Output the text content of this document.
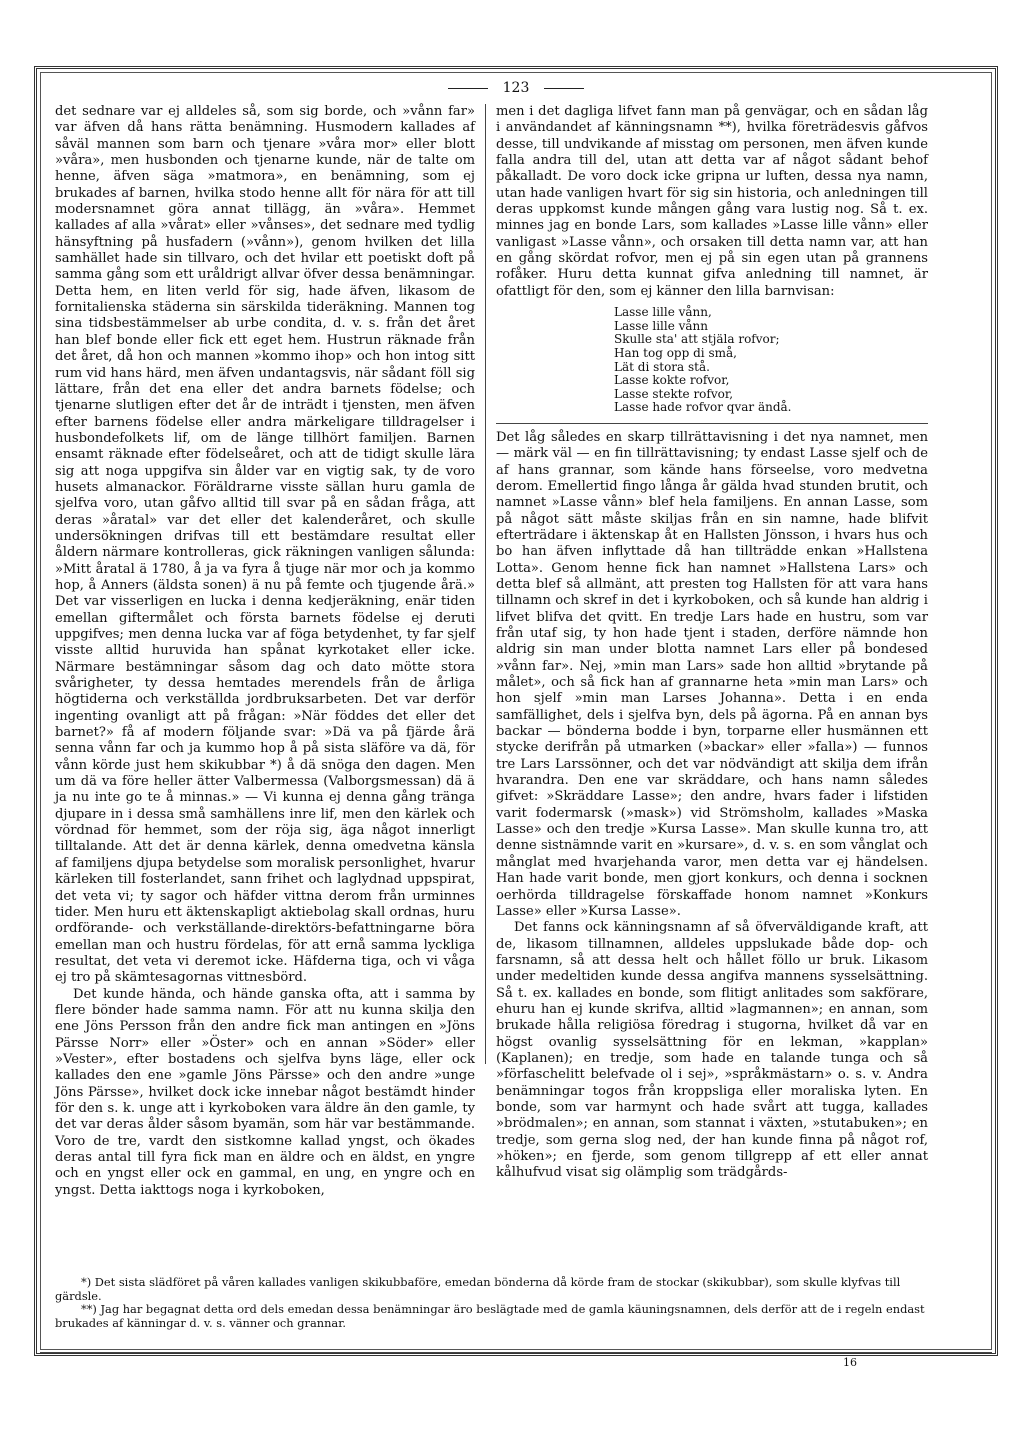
123

det sednare var ej alldeles så, som sig borde, och »vånn far» var äfven då hans rätta benämning. Husmodern kallades af såväl mannen som barn och tjenare »våra mor» eller blott »våra», men husbonden och tjenarne kunde, när de talte om henne, äfven säga »matmora», en benämning, som ej brukades af barnen, hvilka stodo henne allt för nära för att till modersnamnet göra annat tillägg, än »våra». Hemmet kallades af alla »vårat» eller »vånses», det sednare med tydlig hänsyftning på husfadern (»vånn»), genom hvilken det lilla samhället hade sin tillvaro, och det hvilar ett poetiskt doft på samma gång som ett uråldrigt allvar öfver dessa benämningar. Detta hem, en liten verld för sig, hade äfven, likasom de fornitalienska städerna sin särskilda tideräkning. Mannen tog sina tidsbestämmelser ab urbe condita, d. v. s. från det året han blef bonde eller fick ett eget hem. Hustrun räknade från det året, då hon och mannen »kommo ihop» och hon intog sitt rum vid hans härd, men äfven undantagsvis, när sådant föll sig lättare, från det ena eller det andra barnets födelse; och tjenarne slutligen efter det år de inträdt i tjensten, men äfven efter barnens födelse eller andra märkeligare tilldragelser i husbondefolkets lif, om de länge tillhört familjen. Barnen ensamt räknade efter födelseåret, och att de tidigt skulle lära sig att noga uppgifva sin ålder var en vigtig sak, ty de voro husets almanackor. Föräldrarne visste sällan huru gamla de sjelfva voro, utan gåfvo alltid till svar på en sådan fråga, att deras »åratal» var det eller det kalenderåret, och skulle undersökningen drifvas till ett bestämdare resultat eller åldern närmare kontrolleras, gick räkningen vanligen sålunda: »Mitt åratal ä 1780, å ja va fyra å tjuge när mor och ja kommo hop, å Anners (äldsta sonen) ä nu på femte och tjugende årä.» Det var visserligen en lucka i denna kedjeräkning, enär tiden emellan giftermålet och första barnets födelse ej deruti uppgifves; men denna lucka var af föga betydenhet, ty far sjelf visste alltid huruvida han spånat kyrkotaket eller icke. Närmare bestämningar såsom dag och dato mötte stora svårigheter, ty dessa hemtades merendels från de årliga högtiderna och verkställda jordbruksarbeten. Det var derför ingenting ovanligt att på frågan: »När föddes det eller det barnet?» få af modern följande svar: »Dä va på fjärde årä senna vånn far och ja kummo hop å på sista släföre va dä, för vånn körde just hem skikubbar *) å dä snöga den dagen. Men um dä va före heller ätter Valbermessa (Valborgsmessan) dä ä ja nu inte go te å minnas.» — Vi kunna ej denna gång tränga djupare in i dessa små samhällens inre lif, men den kärlek och vördnad för hemmet, som der röja sig, äga något innerligt tilltalande. Att det är denna kärlek, denna omedvetna känsla af familjens djupa betydelse som moralisk personlighet, hvarur kärleken till fosterlandet, sann frihet och laglydnad uppspirat, det veta vi; ty sagor och häfder vittna derom från urminnes tider. Men huru ett äktenskapligt aktiebolag skall ordnas, huru ordförande- och verkställande-direktörs-befattningarne böra emellan man och hustru fördelas, för att ernå samma lyckliga resultat, det veta vi deremot icke. Häfderna tiga, och vi våga ej tro på skämtesagornas vittnesbörd.

Det kunde hända, och hände ganska ofta, att i samma by flere bönder hade samma namn. För att nu kunna skilja den ene Jöns Persson från den andre fick man antingen en »Jöns Pärsse Norr» eller »Öster» och en annan »Söder» eller »Vester», efter bostadens och sjelfva byns läge, eller ock kallades den ene »gamle Jöns Pärsse» och den andre »unge Jöns Pärsse», hvilket dock icke innebar något bestämdt hinder för den s. k. unge att i kyrkoboken vara äldre än den gamle, ty det var deras ålder såsom byamän, som här var bestämmande. Voro de tre, vardt den sistkomne kallad yngst, och ökades deras antal till fyra fick man en äldre och en äldst, en yngre och en yngst eller ock en gammal, en ung, en yngre och en yngst. Detta iakttogs noga i kyrkoboken,

men i det dagliga lifvet fann man på genvägar, och en sådan låg i användandet af känningsnamn **), hvilka företrädesvis gåfvos desse, till undvikande af misstag om personen, men äfven kunde falla andra till del, utan att detta var af något sådant behof påkalladt. De voro dock icke gripna ur luften, dessa nya namn, utan hade vanligen hvart för sig sin historia, och anledningen till deras uppkomst kunde mången gång vara lustig nog. Så t. ex. minnes jag en bonde Lars, som kallades »Lasse lille vånn» eller vanligast »Lasse vånn», och orsaken till detta namn var, att han en gång skördat rofvor, men ej på sin egen utan på grannens rofåker. Huru detta kunnat gifva anledning till namnet, är ofattligt för den, som ej känner den lilla barnvisan:

Lasse lille vånn,
Lasse lille vånn
Skulle sta' att stjäla rofvor;
Han tog opp di små,
Lät di stora stå.
Lasse kokte rofvor,
Lasse stekte rofvor,
Lasse hade rofvor qvar ändå.

Det låg således en skarp tillrättavisning i det nya namnet, men — märk väl — en fin tillrättavisning; ty endast Lasse sjelf och de af hans grannar, som kände hans förseelse, voro medvetna derom. Emellertid fingo långa år gälda hvad stunden brutit, och namnet »Lasse vånn» blef hela familjens. En annan Lasse, som på något sätt måste skiljas från en sin namne, hade blifvit efterträdare i äktenskap åt en Hallsten Jönsson, i hvars hus och bo han äfven inflyttade då han tillträdde enkan »Hallstena Lotta». Genom henne fick han namnet »Hallstena Lars» och detta blef så allmänt, att presten tog Hallsten för att vara hans tillnamn och skref in det i kyrkoboken, och så kunde han aldrig i lifvet blifva det qvitt. En tredje Lars hade en hustru, som var från utaf sig, ty hon hade tjent i staden, derföre nämnde hon aldrig sin man under blotta namnet Lars eller på bondesed »vånn far». Nej, »min man Lars» sade hon alltid »brytande på målet», och så fick han af grannarne heta »min man Lars» och hon sjelf »min man Larses Johanna». Detta i en enda samfällighet, dels i sjelfva byn, dels på ägorna. På en annan bys backar — bönderna bodde i byn, torparne eller husmännen ett stycke derifrån på utmarken (»backar» eller »falla») — funnos tre Lars Larssönner, och det var nödvändigt att skilja dem ifrån hvarandra. Den ene var skräddare, och hans namn således gifvet: »Skräddare Lasse»; den andre, hvars fader i lifstiden varit fodermarsk (»mask») vid Strömsholm, kallades »Maska Lasse» och den tredje »Kursa Lasse». Man skulle kunna tro, att denne sistnämnde varit en »kursare», d. v. s. en som vånglat och månglat med hvarjehanda varor, men detta var ej händelsen. Han hade varit bonde, men gjort konkurs, och denna i socknen oerhörda tilldragelse förskaffade honom namnet »Konkurs Lasse» eller »Kursa Lasse».

Det fanns ock känningsnamn af så öfverväldigande kraft, att de, likasom tillnamnen, alldeles uppslukade både dop- och farsnamn, så att dessa helt och hållet föllo ur bruk. Likasom under medeltiden kunde dessa angifva mannens sysselsättning. Så t. ex. kallades en bonde, som flitigt anlitades som sakförare, ehuru han ej kunde skrifva, alltid »lagmannen»; en annan, som brukade hålla religiösa föredrag i stugorna, hvilket då var en högst ovanlig sysselsättning för en lekman, »kapplan» (Kaplanen); en tredje, som hade en talande tunga och så »förfaschelitt belefvade ol i sej», »språkmästarn» o. s. v. Andra benämningar togos från kroppsliga eller moraliska lyten. En bonde, som var harmynt och hade svårt att tugga, kallades »brödmalen»; en annan, som stannat i växten, »stutabuken»; en tredje, som gerna slog ned, der han kunde finna på något rof, »höken»; en fjerde, som genom tillgrepp af ett eller annat kålhufvud visat sig olämplig som trädgårds-

*) Det sista slädföret på våren kallades vanligen skikubbaföre, emedan bönderna då körde fram de stockar (skikubbar), som skulle klyfvas till gärdsle.

**) Jag har begagnat detta ord dels emedan dessa benämningar äro beslägtade med de gamla käuningsnamnen, dels derför att de i regeln endast brukades af känningar d. v. s. vänner och grannar.

16
